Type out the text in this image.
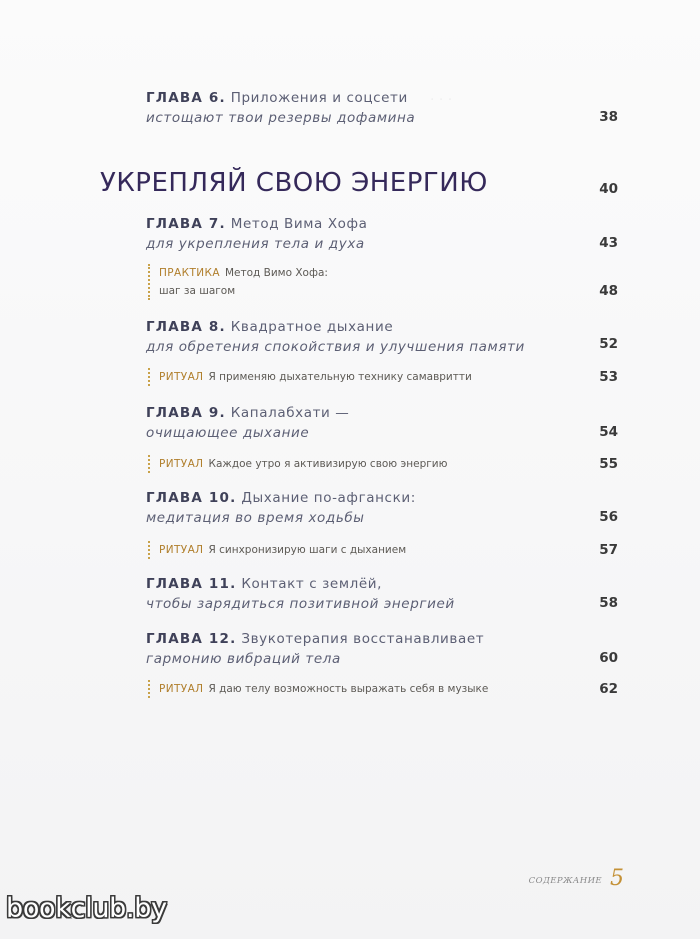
· · ·
ГЛАВА 6. Приложения и соцсети
истощают твои резервы дофамина	38
УКРЕПЛЯЙ СВОЮ ЭНЕРГИЮ	40
ГЛАВА 7. Метод Вима Хофа
для укрепления тела и духа	43
ПРАКТИКА Метод Вимо Хофа:
шаг за шагом	48
ГЛАВА 8. Квадратное дыхание
для обретения спокойствия и улучшения памяти	52
РИТУАЛ Я применяю дыхательную технику самавритти	53
ГЛАВА 9. Капалабхати —
очищающее дыхание	54
РИТУАЛ Каждое утро я активизирую свою энергию	55
ГЛАВА 10. Дыхание по-афгански:
медитация во время ходьбы	56
РИТУАЛ Я синхронизирую шаги с дыханием	57
ГЛАВА 11. Контакт с землёй,
чтобы зарядиться позитивной энергией	58
ГЛАВА 12. Звукотерапия восстанавливает
гармонию вибраций тела	60
РИТУАЛ Я даю телу возможность выражать себя в музыке	62
СОДЕРЖАНИЕ 5
bookclub.by
